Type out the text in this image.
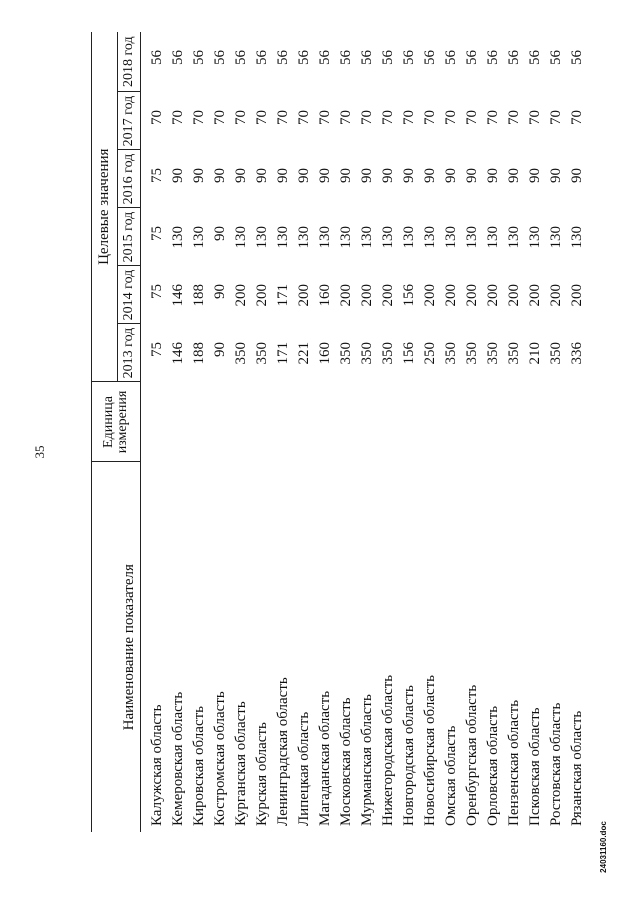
35
24031160.doc
Наименование показателя	Единица измерения	Целевые значения					
		2013 год	2014 год	2015 год	2016 год	2017 год	2018 год
Калужская область		75	75	75	75	70	56
Кемеровская область		146	146	130	90	70	56
Кировская область		188	188	130	90	70	56
Костромская область		90	90	90	90	70	56
Курганская область		350	200	130	90	70	56
Курская область		350	200	130	90	70	56
Ленинградская область		171	171	130	90	70	56
Липецкая область		221	200	130	90	70	56
Магаданская область		160	160	130	90	70	56
Московская область		350	200	130	90	70	56
Мурманская область		350	200	130	90	70	56
Нижегородская область		350	200	130	90	70	56
Новгородская область		156	156	130	90	70	56
Новосибирская область		250	200	130	90	70	56
Омская область		350	200	130	90	70	56
Оренбургская область		350	200	130	90	70	56
Орловская область		350	200	130	90	70	56
Пензенская область		350	200	130	90	70	56
Псковская область		210	200	130	90	70	56
Ростовская область		350	200	130	90	70	56
Рязанская область		336	200	130	90	70	56
